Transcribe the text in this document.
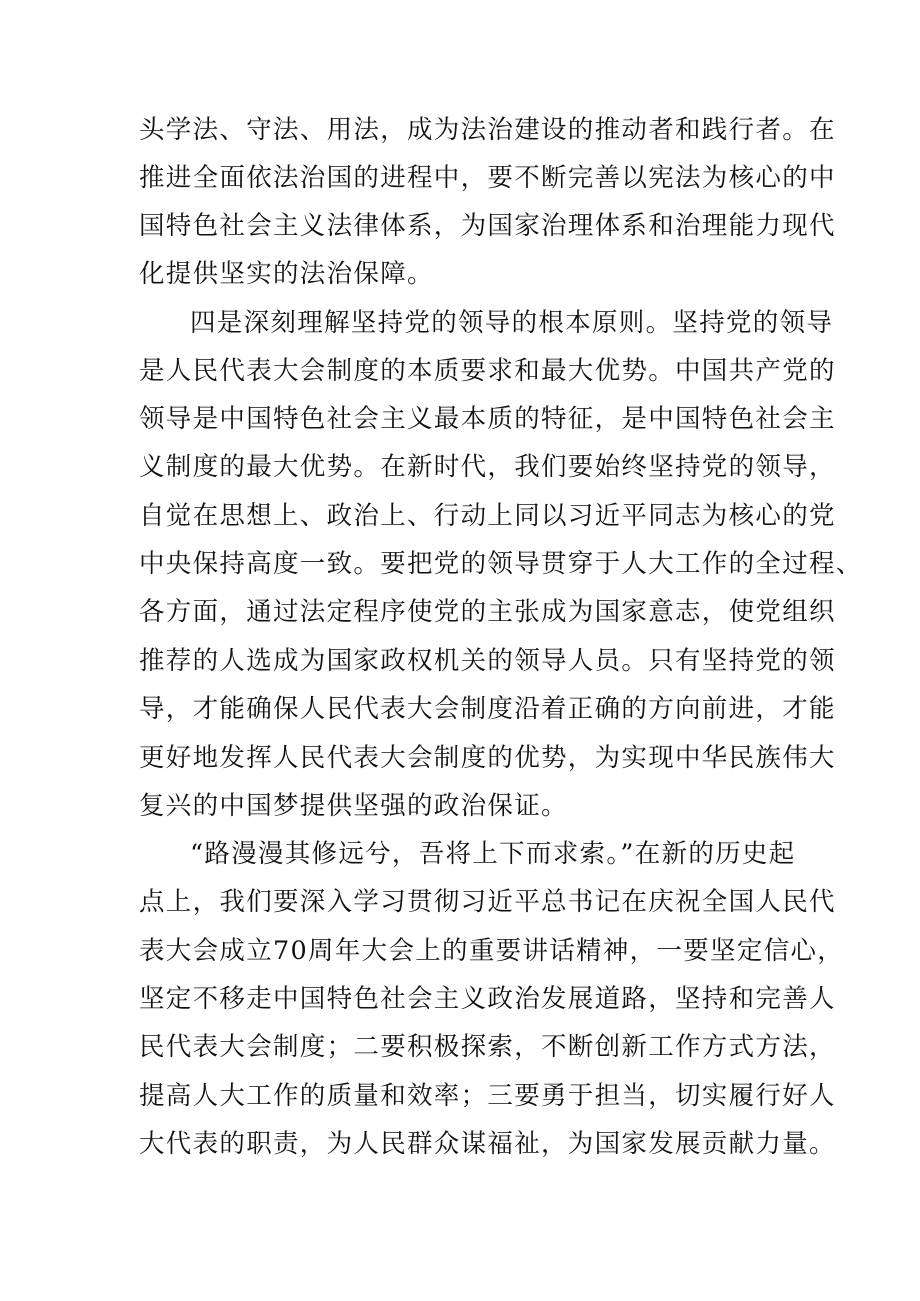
头学法、守法、用法，成为法治建设的推动者和践行者。在
推进全面依法治国的进程中，要不断完善以宪法为核心的中
国特色社会主义法律体系，为国家治理体系和治理能力现代
化提供坚实的法治保障。
四是深刻理解坚持党的领导的根本原则。坚持党的领导
是人民代表大会制度的本质要求和最大优势。中国共产党的
领导是中国特色社会主义最本质的特征，是中国特色社会主
义制度的最大优势。在新时代，我们要始终坚持党的领导，
自觉在思想上、政治上、行动上同以习近平同志为核心的党
中央保持高度一致。要把党的领导贯穿于人大工作的全过程、
各方面，通过法定程序使党的主张成为国家意志，使党组织
推荐的人选成为国家政权机关的领导人员。只有坚持党的领
导，才能确保人民代表大会制度沿着正确的方向前进，才能
更好地发挥人民代表大会制度的优势，为实现中华民族伟大
复兴的中国梦提供坚强的政治保证。
“路漫漫其修远兮，吾将上下而求索。”在新的历史起
点上，我们要深入学习贯彻习近平总书记在庆祝全国人民代
表大会成立70周年大会上的重要讲话精神，一要坚定信心，
坚定不移走中国特色社会主义政治发展道路，坚持和完善人
民代表大会制度；二要积极探索，不断创新工作方式方法，
提高人大工作的质量和效率；三要勇于担当，切实履行好人
大代表的职责，为人民群众谋福祉，为国家发展贡献力量。
